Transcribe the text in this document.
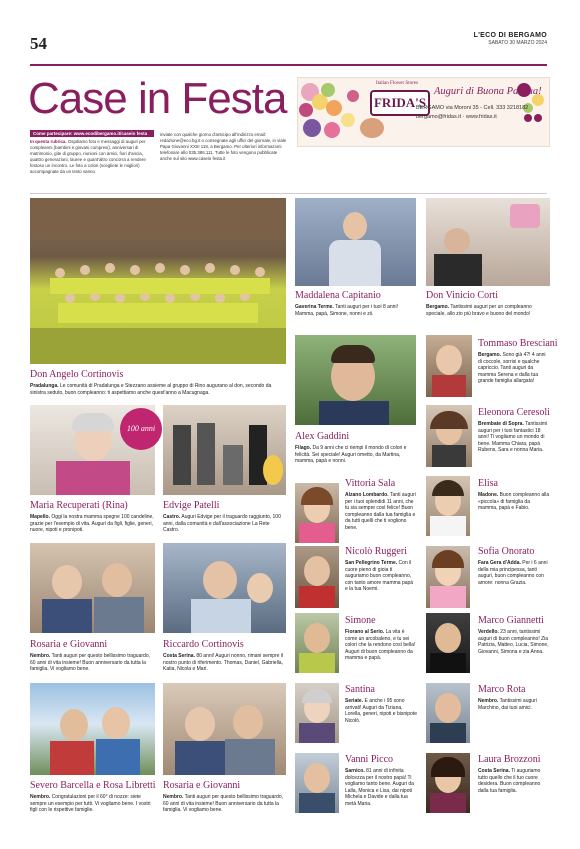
54	L'ECO DI BERGAMO
SABATO 30 MARZO 2024
Case in Festa
Come partecipare: www.ecodibergamo.it/casein festa
In questa rubrica. Ospitiamo foto e messaggi di auguri per compleanni (bambini e giovani compresi), anniversari di matrimonio, gite di gruppo, riunioni con amici, fiori d'ancia, quattro generazioni, lauree e quant'altro concorra a rendere festoso un incontro. Le foto a colori (scegliete le migliori) accompagnate da un testo vanno
inviate con qualche giorno d'anticipo all'indirizzo email: redazione@eco.bg.it o consegnate agli uffici del giornale, in viale Papa Giovanni XXIII 118, a Bergamo. Per ulteriori informazioni telefonare allo 035.386.111. Tutte le foto vengono pubblicate anche sul sito www.casein festa.it
Italian Flower Stores
FRIDA'S
Auguri di Buona Pasqua!
BERGAMO via Moroni 35 - Cell. 333 3218182
bergamo@fridas.it · www.fridas.it
100 anni
Don Angelo Cortinovis
Pradalunga. Le comunità di Pradalunga e Stezzano assieme al gruppo di Rino augurano al don, secondo da sinistra seduto, buon compleanno: ti aspettiamo anche quest'anno a Macugnaga.
Maddalena Capitanio
Gaverina Terme. Tanti auguri per i tuoi 8 anni! Mamma, papà, Simone, nonni e zii.
Don Vinicio Corti
Bergamo. Tantissimi auguri per un compleanno speciale, allo zio più bravo e buono del mondo!
Tommaso Bresciani
Bergamo. Sono già 4?! 4 anni di coccole, sorrisi e qualche capriccio. Tanti auguri da mamma Serena e dalla tua grande famiglia allargata!
Alex Gaddini
Filago. Da 9 anni che ci riempi il mondo di colori e felicità. Sei speciale! Auguri ometto, da Martina, mamma, papà e nonni.
Eleonora Ceresoli
Brembate di Sopra. Tantissimi auguri per i tuoi fantastici 18 anni! Ti vogliamo un mondo di bene. Mamma Chiara, papà Rubens, Sara e nonna Maria.
Maria Recuperati (Rina)
Mapello. Oggi la nostra mamma spegne 100 candeline, grazie per l'esempio di vita. Auguri da figli, figlie, generi, nuore, nipoti e pronipoti.
Edvige Patelli
Castro. Auguri Edvige per il traguardo raggiunto, 100 anni, dalla comunità e dall'associazione La Rete Castro.
Vittoria Sala
Alzano Lombardo. Tanti auguri per i tuoi splendidi 11 anni, che tu sia sempre così felice! Buon compleanno dalla tua famiglia e da tutti quelli che ti vogliono bene.
Elisa
Madone. Buon compleanno alla «piccola» di famiglia da mamma, papà e Fabio.
Nicolò Ruggeri
San Pellegrino Terme. Con il cuore pieno di gioia ti auguriamo buon compleanno, con tanto amore mamma papà e la tua Noemi.
Sofia Onorato
Fara Gera d'Adda. Per i 6 anni della mia principessa, tanti auguri, buon compleanno con amore: nonna Grazia.
Rosaria e Giovanni
Nembro. Tanti auguri per questo bellissimo traguardo, 60 anni di vita insieme! Buon anniversario da tutta la famiglia. Vi vogliamo bene.
Riccardo Cortinovis
Costa Serina. 80 anni! Auguri nonno, rimani sempre il nostro punto di riferimento. Thomas, Daniel, Gabriella, Katia, Nicola e Mari.
Simone
Fiorano al Serio. La vita è come un arcobaleno, e tu sei colori che la rendono così bella! Auguri di buon compleanno da mamma e papà.
Marco Giannetti
Verdello. 23 anni, tantissimi auguri di buon compleanno! Zia Patrizia, Matteo, Lucia, Simone, Giovanni, Simona e zia Anna.
Santina
Seriate. E anche i 95 sono arrivati! Auguri da Tiziana, Lorella, generi, nipoti e bisnipote Nicolò.
Marco Rota
Nembro. Tantissimi auguri Marchino, dai tuoi amici.
Severo Barcella e Rosa Libretti
Nembro. Congratulazioni per il 60° di nozze: siete sempre un esempio per tutti. Vi vogliamo bene. I vostri figli con le rispettive famiglie.
Rosaria e Giovanni
Nembro. Tanti auguri per questo bellissimo traguardo, 60 anni di vita insieme! Buon anniversario da tutta la famiglia. Vi vogliamo bene.
Vanni Picco
Sarnico. 81 anni di infinita dolcezza per il nostro papà! Ti vogliamo tanto bene. Auguri da Lalla, Monica e Lisa, dai nipoti Michela e Davide e dalla tua metà Maria.
Laura Brozzoni
Costa Serina. Ti auguriamo tutto quello che il tuo cuore desidera. Buon compleanno dalla tua famiglia.
